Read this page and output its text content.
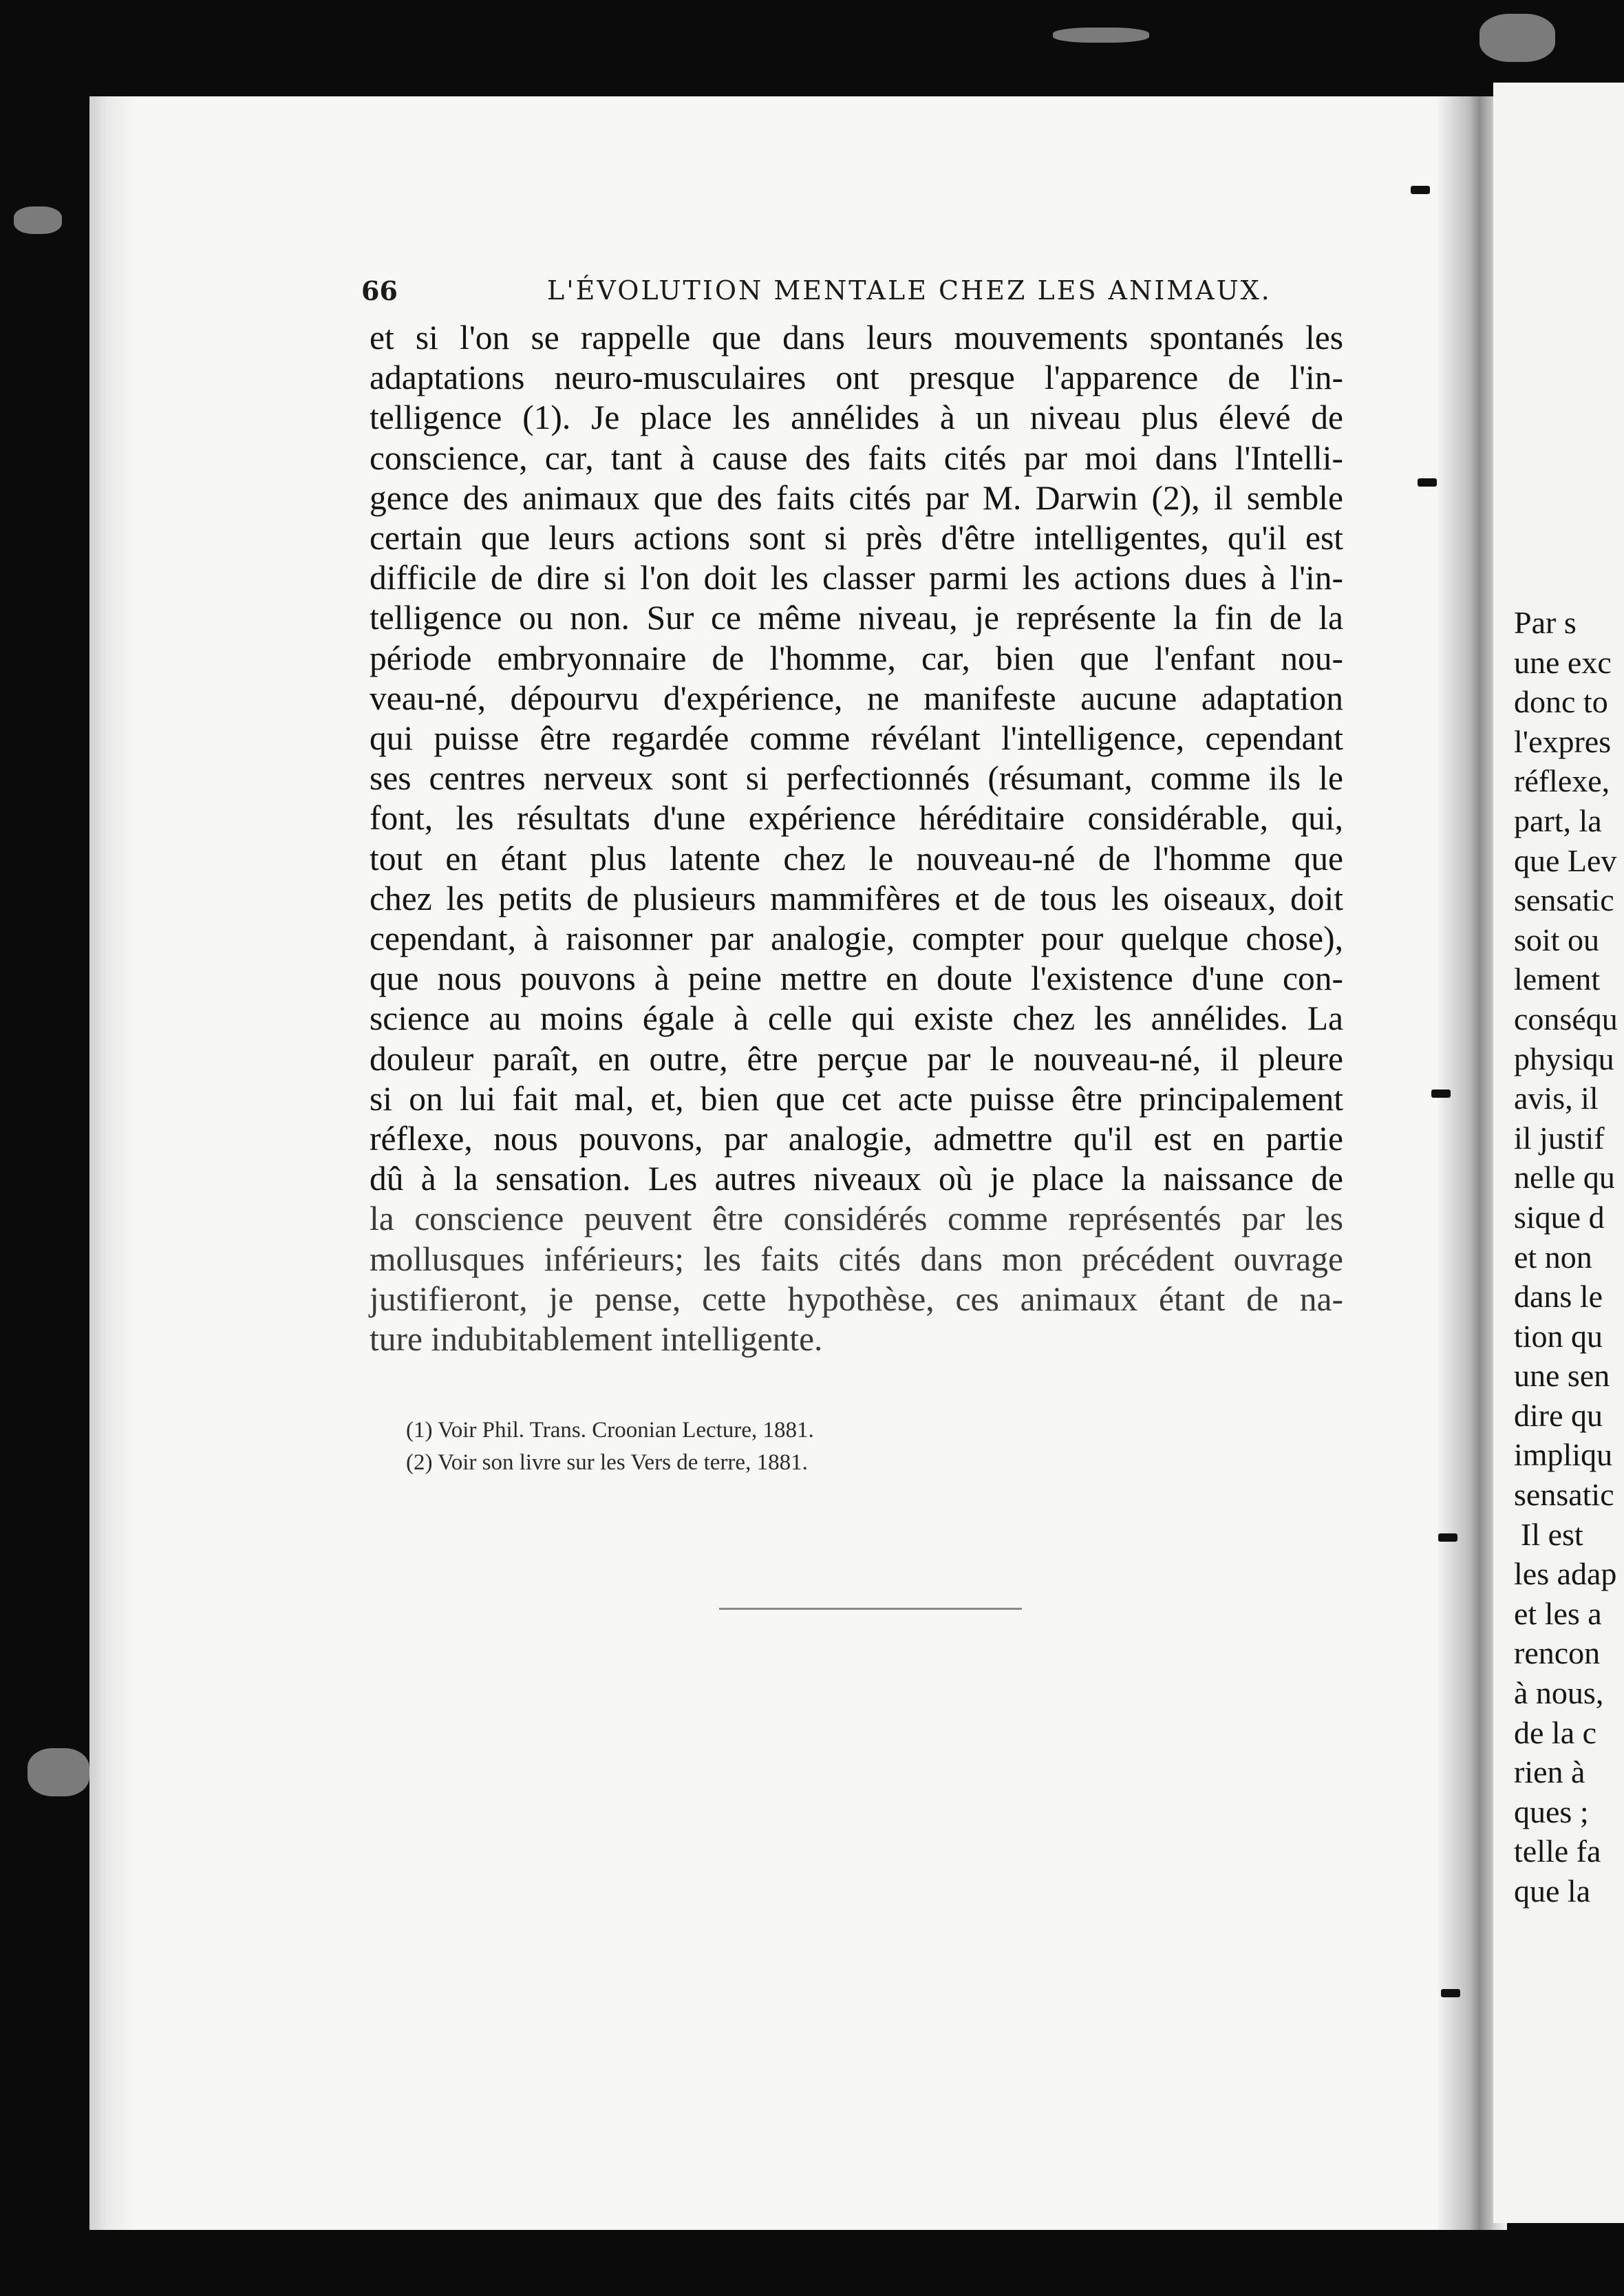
66	L'ÉVOLUTION MENTALE CHEZ LES ANIMAUX.
et si l'on se rappelle que dans leurs mouvements spontanés les
adaptations neuro-musculaires ont presque l'apparence de l'in-
telligence (1). Je place les annélides à un niveau plus élevé de
conscience, car, tant à cause des faits cités par moi dans l'Intelli-
gence des animaux que des faits cités par M. Darwin (2), il semble
certain que leurs actions sont si près d'être intelligentes, qu'il est
difficile de dire si l'on doit les classer parmi les actions dues à l'in-
telligence ou non. Sur ce même niveau, je représente la fin de la
période embryonnaire de l'homme, car, bien que l'enfant nou-
veau-né, dépourvu d'expérience, ne manifeste aucune adaptation
qui puisse être regardée comme révélant l'intelligence, cependant
ses centres nerveux sont si perfectionnés (résumant, comme ils le
font, les résultats d'une expérience héréditaire considérable, qui,
tout en étant plus latente chez le nouveau-né de l'homme que
chez les petits de plusieurs mammifères et de tous les oiseaux, doit
cependant, à raisonner par analogie, compter pour quelque chose),
que nous pouvons à peine mettre en doute l'existence d'une con-
science au moins égale à celle qui existe chez les annélides. La
douleur paraît, en outre, être perçue par le nouveau-né, il pleure
si on lui fait mal, et, bien que cet acte puisse être principalement
réflexe, nous pouvons, par analogie, admettre qu'il est en partie
dû à la sensation. Les autres niveaux où je place la naissance de
la conscience peuvent être considérés comme représentés par les
mollusques inférieurs; les faits cités dans mon précédent ouvrage
justifieront, je pense, cette hypothèse, ces animaux étant de na-
ture indubitablement intelligente.
(1) Voir Phil. Trans. Croonian Lecture, 1881.
(2) Voir son livre sur les Vers de terre, 1881.
Par s
une exc
donc to
l'expres
réflexe,
part, la
que Lev
sensatic
soit ou
lement
conséqu
physiqu
avis, il
il justif
nelle qu
sique d
et non
dans le
tion qu
une sen
dire qu
impliqu
sensatic
Il est
les adap
et les a
rencon
à nous,
de la c
rien à
ques ;
telle fa
que la
